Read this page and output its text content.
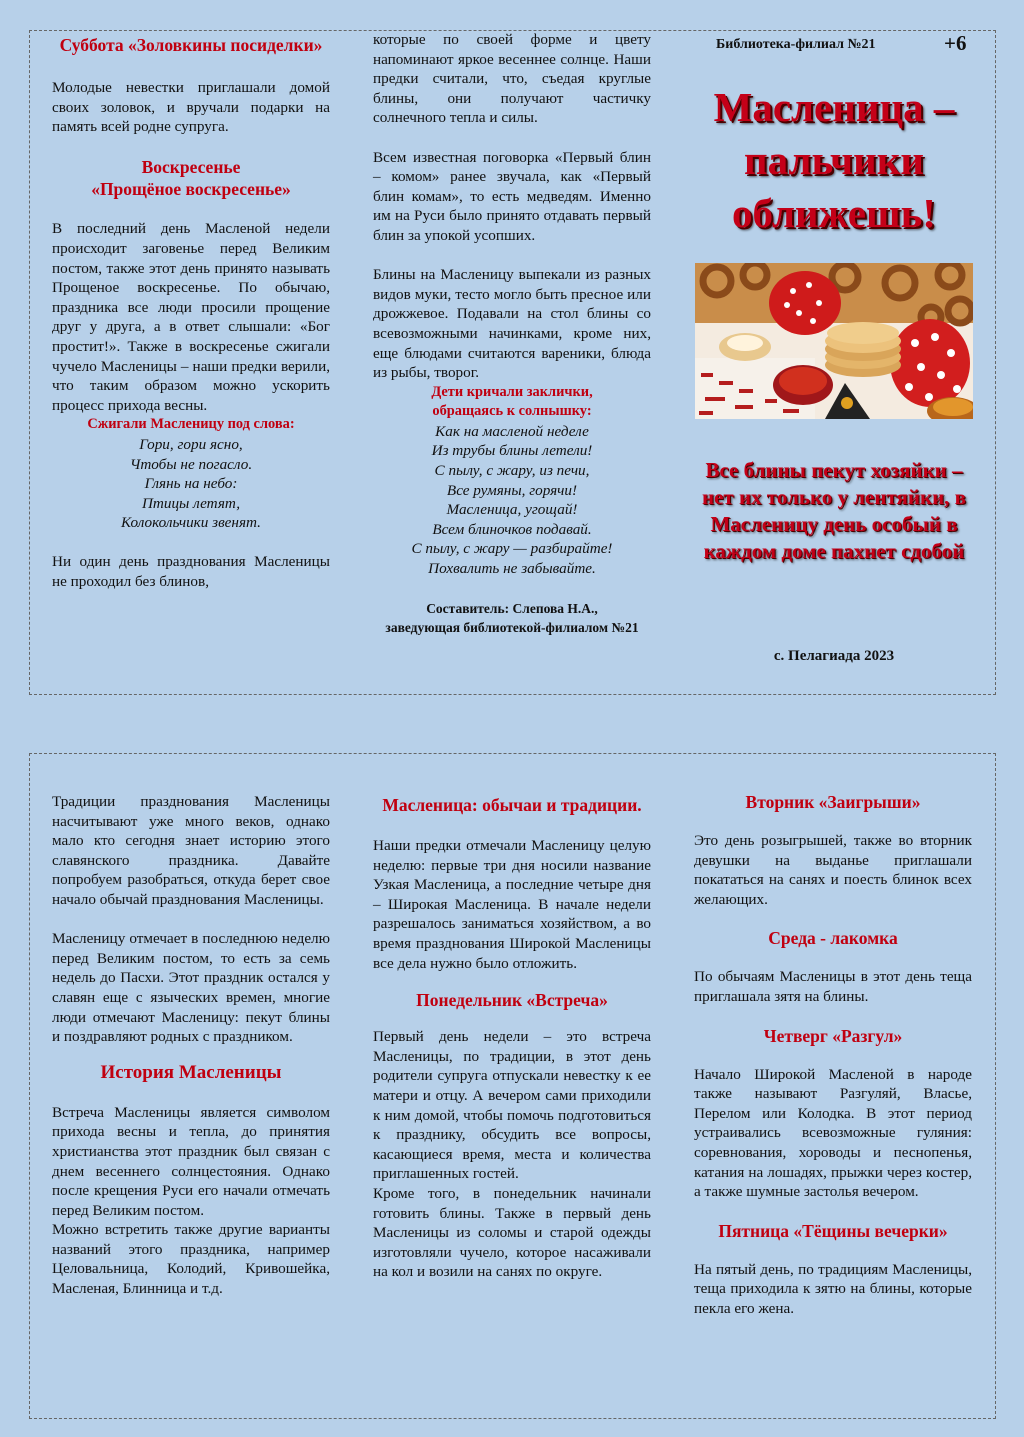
Суббота «Золовкины посиделки»

Молодые невестки приглашали домой своих золовок, и вручали подарки на память всей родне супруга.

Воскресенье
«Прощёное воскресенье»

В последний день Масленой недели происходит заговенье перед Великим постом, также этот день принято называть Прощеное воскресенье. По обычаю, праздника все люди просили прощение друг у друга, а в ответ слышали: «Бог простит!». Также в воскресенье сжигали чучело Масленицы – наши предки верили, что таким образом можно ускорить процесс прихода весны.

Сжигали Масленицу под слова:
Гори, гори ясно,
Чтобы не погасло.
Глянь на небо:
Птицы летят,
Колокольчики звенят.

Ни один день празднования Масленицы не проходил без блинов,

которые по своей форме и цвету напоминают яркое весеннее солнце. Наши предки считали, что, съедая круглые блины, они получают частичку солнечного тепла и силы.

Всем известная поговорка «Первый блин – комом» ранее звучала, как «Первый блин комам», то есть медведям. Именно им на Руси было принято отдавать первый блин за упокой усопших.

Блины на Масленицу выпекали из разных видов муки, тесто могло быть пресное или дрожжевое. Подавали на стол блины со всевозможными начинками, кроме них, еще блюдами считаются вареники, блюда из рыбы, творог.

Дети кричали заклички,
обращаясь к солнышку:
Как на масленой неделе
Из трубы блины летели!
С пылу, с жару, из печи,
Все румяны, горячи!
Масленица, угощай!
Всем блиночков подавай.
С пылу, с жару — разбирайте!
Похвалить не забывайте.
Составитель: Слепова Н.А.,
заведующая библиотекой-филиалом №21
Библиотека-филиал №21	+6
Масленица –
пальчики
оближешь!
Все блины пекут хозяйки –
нет их только у лентяйки, в
Масленицу день особый в
каждом доме пахнет сдобой
с. Пелагиада 2023

Традиции празднования Масленицы насчитывают уже много веков, однако мало кто сегодня знает историю этого славянского праздника. Давайте попробуем разобраться, откуда берет свое начало обычай празднования Масленицы.

Масленицу отмечает в последнюю неделю перед Великим постом, то есть за семь недель до Пасхи. Этот праздник остался у славян еще с языческих времен, многие люди отмечают Масленицу: пекут блины и поздравляют родных с праздником.

История Масленицы

Встреча Масленицы является символом прихода весны и тепла, до принятия христианства этот праздник был связан с днем весеннего солнцестояния. Однако после крещения Руси его начали отмечать перед Великим постом.

Можно встретить также другие варианты названий этого праздника, например Целовальница, Колодий, Кривошейка, Масленая, Блинница и т.д.

Масленица: обычаи и традиции.

Наши предки отмечали Масленицу целую неделю: первые три дня носили название Узкая Масленица, а последние четыре дня – Широкая Масленица. В начале недели разрешалось заниматься хозяйством, а во время празднования Широкой Масленицы все дела нужно было отложить.

Понедельник «Встреча»

Первый день недели – это встреча Масленицы, по традиции, в этот день родители супруга отпускали невестку к ее матери и отцу. А вечером сами приходили к ним домой, чтобы помочь подготовиться к празднику, обсудить все вопросы, касающиеся время, места и количества приглашенных гостей.

Кроме того, в понедельник начинали готовить блины. Также в первый день Масленицы из соломы и старой одежды изготовляли чучело, которое насаживали на кол и возили на санях по округе.

Вторник «Заигрыши»

Это день розыгрышей, также во вторник девушки на выданье приглашали покататься на санях и поесть блинок всех желающих.

Среда - лакомка

По обычаям Масленицы в этот день теща приглашала зятя на блины.

Четверг «Разгул»

Начало Широкой Масленой в народе также называют Разгуляй, Власье, Перелом или Колодка. В этот период устраивались всевозможные гуляния: соревнования, хороводы и песнопенья, катания на лошадях, прыжки через костер, а также шумные застолья вечером.

Пятница «Тёщины вечерки»

На пятый день, по традициям Масленицы, теща приходила к зятю на блины, которые пекла его жена.
